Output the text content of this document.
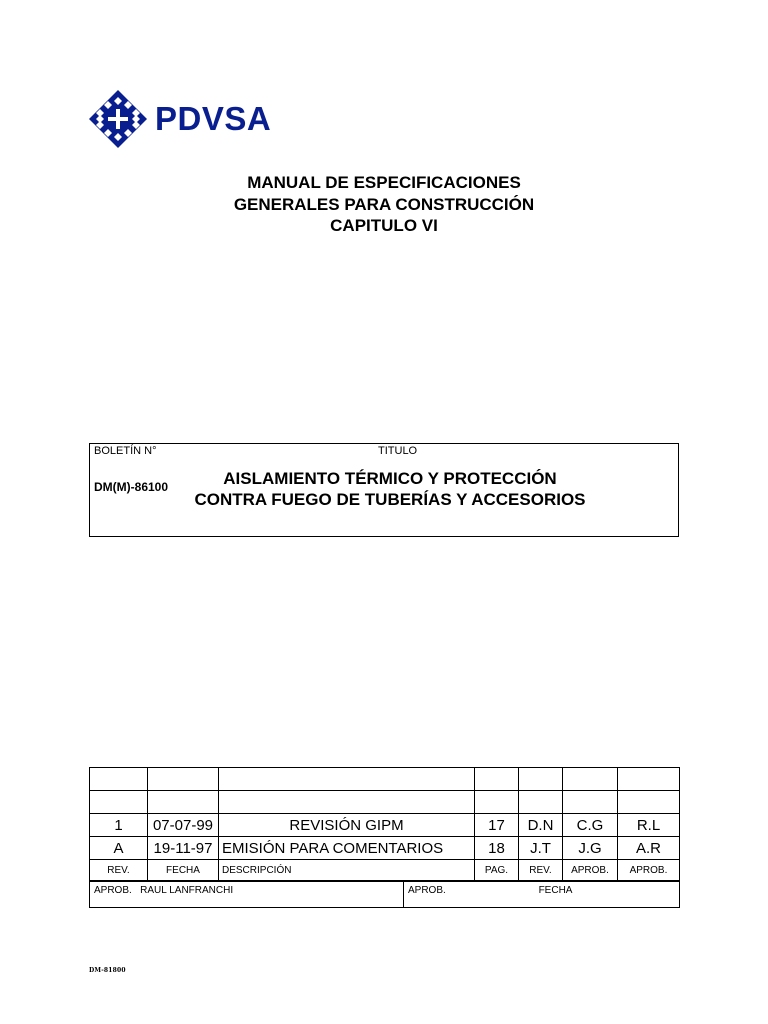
PDVSA
MANUAL DE ESPECIFICACIONES
GENERALES PARA CONSTRUCCIÓN
CAPITULO VI
BOLETÍN N°	TITULO
DM(M)-86100	AISLAMIENTO TÉRMICO Y PROTECCIÓN
CONTRA FUEGO DE TUBERÍAS Y ACCESORIOS

1	07-07-99	REVISIÓN GIPM	17	D.N	C.G	R.L
A	19-11-97	EMISIÓN PARA COMENTARIOS	18	J.T	J.G	A.R
REV.	FECHA	DESCRIPCIÓN	PAG.	REV.	APROB.	APROB.
APROB. RAUL LANFRANCHI	APROB.	FECHA
DM-81800
